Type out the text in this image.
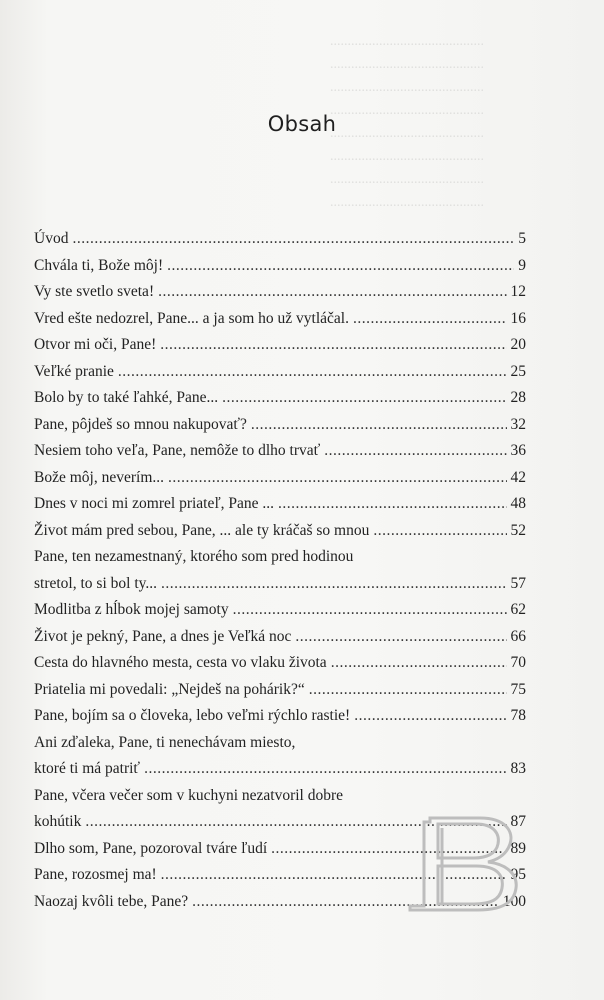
............................................
............................................
............................................
............................................
............................................
............................................
............................................
............................................
Obsah
Úvod .....	5
Chvála ti, Bože môj! .....	9
Vy ste svetlo sveta! .....	12
Vred ešte nedozrel, Pane... a ja som ho už vytláčal. .....	16
Otvor mi oči, Pane! .....	20
Veľké pranie .....	25
Bolo by to také ľahké, Pane... .....	28
Pane, pôjdeš so mnou nakupovať? .....	32
Nesiem toho veľa, Pane, nemôže to dlho trvať .....	36
Bože môj, neverím... .....	42
Dnes v noci mi zomrel priateľ, Pane ... .....	48
Život mám pred sebou, Pane, ... ale ty kráčaš so mnou .....	52
Pane, ten nezamestnaný, ktorého som pred hodinou
stretol, to si bol ty... .....	57
Modlitba z hĺbok mojej samoty .....	62
Život je pekný, Pane, a dnes je Veľká noc .....	66
Cesta do hlavného mesta, cesta vo vlaku života .....	70
Priatelia mi povedali: „Nejdeš na pohárik?“ .....	75
Pane, bojím sa o človeka, lebo veľmi rýchlo rastie! .....	78
Ani zďaleka, Pane, ti nenechávam miesto,
ktoré ti má patriť .....	83
Pane, včera večer som v kuchyni nezatvoril dobre
kohútik .....	87
Dlho som, Pane, pozoroval tváre ľudí .....	89
Pane, rozosmej ma! .....	95
Naozaj kvôli tebe, Pane? .....	100
